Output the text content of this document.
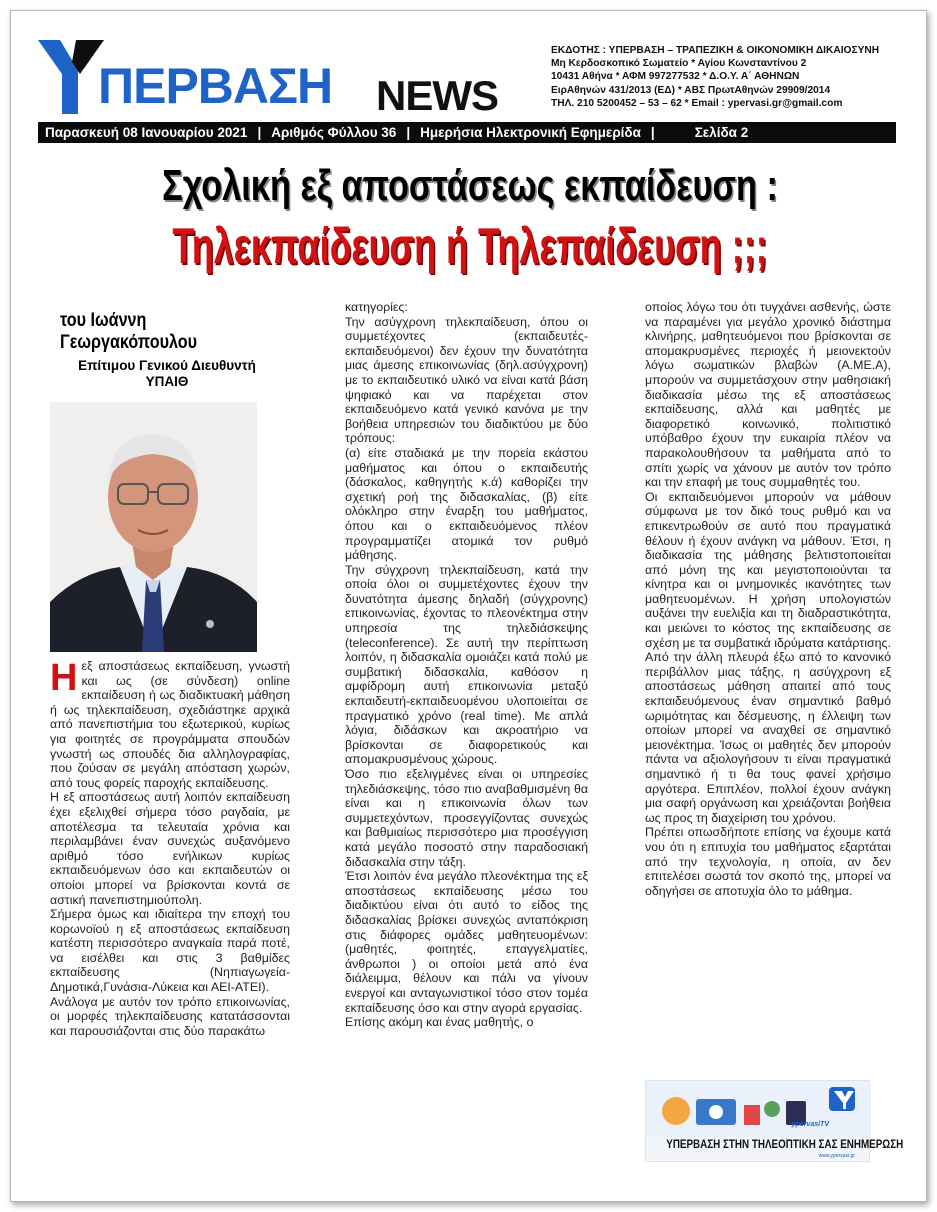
ΠΕΡΒΑΣΗ NEWS
ΕΚΔΟΤΗΣ : ΥΠΕΡΒΑΣΗ – ΤΡΑΠΕΖΙΚΗ & ΟΙΚΟΝΟΜΙΚΗ ΔΙΚΑΙΟΣΥΝΗ
Μη Κερδοσκοπικό Σωματείο * Αγίου Κωνσταντίνου 2
10431 Αθήνα * ΑΦΜ 997277532 * Δ.Ο.Υ. Α΄ ΑΘΗΝΩΝ
ΕιρΑθηνών 431/2013 (ΕΔ) * ΑΒΣ ΠρωτΑθηνών 29909/2014
ΤΗΛ. 210 5200452 – 53 – 62 * Email : ypervasi.gr@gmail.com
Παρασκευή 08 Ιανουαρίου 2021 | Αριθμός Φύλλου 36 | Ημερήσια Ηλεκτρονική Εφημερίδα |	Σελίδα 2
Σχολική εξ αποστάσεως εκπαίδευση :
Τηλεκπαίδευση ή Τηλεπαίδευση ;;;
του Ιωάννη
Γεωργακόπουλου
Επίτιμου Γενικού Διευθυντή
ΥΠΑΙΘ

Ηεξ αποστάσεως εκπαίδευση, γνωστή και ως (σε σύνδεση) online εκπαίδευση ή ως διαδικτυακή μάθηση ή ως τηλεκπαίδευση, σχεδιάστηκε αρχικά από πανεπιστήμια του εξωτερικού, κυρίως για φοιτητές σε προγράμματα σπουδών γνωστή ως σπουδές δια αλληλογραφίας, που ζούσαν σε μεγάλη απόσταση χωρών, από τους φορείς παροχής εκπαίδευσης.

Η εξ αποστάσεως αυτή λοιπόν εκπαίδευση έχει εξελιχθεί σήμερα τόσο ραγδαία, με αποτέλεσμα τα τελευταία χρόνια και περιλαμβάνει έναν συνεχώς αυξανόμενο αριθμό τόσο ενήλικων κυρίως εκπαιδευόμενων όσο και εκπαιδευτών οι οποίοι μπορεί να βρίσκονται κοντά σε αστική πανεπιστημιούπολη.

Σήμερα όμως και ιδιαίτερα την εποχή του κορωνοϊού η εξ αποστάσεως εκπαίδευση κατέστη περισσότερο αναγκαία παρά ποτέ, να εισέλθει και στις 3 βαθμίδες εκπαίδευσης (Νηπιαγωγεία-Δημοτικά,Γυνάσια-Λύκεια και ΑΕΙ-ΑΤΕΙ).

Ανάλογα με αυτόν τον τρόπο επικοινωνίας, οι μορφές τηλεκπαίδευσης κατατάσσονται και παρουσιάζονται στις δύο παρακάτω

κατηγορίες:

Την ασύγχρονη τηλεκπαίδευση, όπου οι συμμετέχοντες (εκπαιδευτές-εκπαιδευόμενοι) δεν έχουν την δυνατότητα μιας άμεσης επικοινωνίας (δηλ.ασύγχρονη) με το εκπαιδευτικό υλικό να είναι κατά βάση ψηφιακό και να παρέχεται στον εκπαιδευόμενο κατά γενικό κανόνα με την βοήθεια υπηρεσιών του διαδικτύου με δύο τρόπους:

(α) είτε σταδιακά με την πορεία εκάστου μαθήματος και όπου ο εκπαιδευτής (δάσκαλος, καθηγητής κ.ά) καθορίζει την σχετική ροή της διδασκαλίας, (β) είτε ολόκληρο στην έναρξη του μαθήματος, όπου και ο εκπαιδευόμενος πλέον προγραμματίζει ατομικά τον ρυθμό μάθησης.

Την σύγχρονη τηλεκπαίδευση, κατά την οποία όλοι οι συμμετέχοντες έχουν την δυνατότητα άμεσης δηλαδή (σύγχρονης) επικοινωνίας, έχοντας το πλεονέκτημα στην υπηρεσία της τηλεδιάσκεψης (teleconference). Σε αυτή την περίπτωση λοιπόν, η διδασκαλία ομοιάζει κατά πολύ με συμβατική διδασκαλία, καθόσον η αμφίδρομη αυτή επικοινωνία μεταξύ εκπαιδευτή-εκπαιδευομένου υλοποιείται σε πραγματικό χρόνο (real time). Με απλά λόγια, διδάσκων και ακροατήριο να βρίσκονται σε διαφορετικούς και απομακρυσμένους χώρους.

Όσο πιο εξελιγμένες είναι οι υπηρεσίες τηλεδιάσκεψης, τόσο πιο αναβαθμισμένη θα είναι και η επικοινωνία όλων των συμμετεχόντων, προσεγγίζοντας συνεχώς και βαθμιαίως περισσότερο μια προσέγγιση κατά μεγάλο ποσοστό στην παραδοσιακή διδασκαλία στην τάξη.

Έτσι λοιπόν ένα μεγάλο πλεονέκτημα της εξ αποστάσεως εκπαίδευσης μέσω του διαδικτύου είναι ότι αυτό το είδος της διδασκαλίας βρίσκει συνεχώς ανταπόκριση στις διάφορες ομάδες μαθητευομένων: (μαθητές, φοιτητές, επαγγελματίες, άνθρωποι ) οι οποίοι μετά από ένα διάλειμμα, θέλουν και πάλι να γίνουν ενεργοί και ανταγωνιστικοί τόσο στον τομέα εκπαίδευσης όσο και στην αγορά εργασίας.

Επίσης ακόμη και ένας μαθητής, ο

οποίος λόγω του ότι τυγχάνει ασθενής, ώστε να παραμένει για μεγάλο χρονικό διάστημα κλινήρης, μαθητευόμενοι που βρίσκονται σε απομακρυσμένες περιοχές ή μειονεκτούν λόγω σωματικών βλαβών (Α.ΜΕ.Α), μπορούν να συμμετάσχουν στην μαθησιακή διαδικασία μέσω της εξ αποστάσεως εκπαίδευσης, αλλά και μαθητές με διαφορετικό κοινωνικό, πολιτιστικό υπόβαθρο έχουν την ευκαιρία πλέον να παρακολουθήσουν τα μαθήματα από το σπίτι χωρίς να χάνουν με αυτόν τον τρόπο και την επαφή με τους συμμαθητές του.

Οι εκπαιδευόμενοι μπορούν να μάθουν σύμφωνα με τον δικό τους ρυθμό και να επικεντρωθούν σε αυτό που πραγματικά θέλουν ή έχουν ανάγκη να μάθουν. Έτσι, η διαδικασία της μάθησης βελτιστοποιείται από μόνη της και μεγιστοποιούνται τα κίνητρα και οι μνημονικές ικανότητες των μαθητευομένων. Η χρήση υπολογιστών αυξάνει την ευελιξία και τη διαδραστικότητα, και μειώνει το κόστος της εκπαίδευσης σε σχέση με τα συμβατικά ιδρύματα κατάρτισης.

Από την άλλη πλευρά έξω από το κανονικό περιβάλλον μιας τάξης, η ασύγχρονη εξ αποστάσεως μάθηση απαιτεί από τους εκπαιδευόμενους έναν σημαντικό βαθμό ωριμότητας και δέσμευσης, η έλλειψη των οποίων μπορεί να αναχθεί σε σημαντικό μειονέκτημα. Ίσως οι μαθητές δεν μπορούν πάντα να αξιολογήσουν τι είναι πραγματικά σημαντικό ή τι θα τους φανεί χρήσιμο αργότερα. Επιπλέον, πολλοί έχουν ανάγκη μια σαφή οργάνωση και χρειάζονται βοήθεια ως προς τη διαχείριση του χρόνου.

Πρέπει οπωσδήποτε επίσης να έχουμε κατά νου ότι η επιτυχία του μαθήματος εξαρτάται από την τεχνολογία, η οποία, αν δεν επιτελέσει σωστά τον σκοπό της, μπορεί να οδηγήσει σε αποτυχία όλο το μάθημα.

ypervasiTV
ΥΠΕΡΒΑΣΗ ΣΤΗΝ ΤΗΛΕΟΠΤΙΚΗ ΣΑΣ ΕΝΗΜΕΡΩΣΗ
www.ypervasi.gr
